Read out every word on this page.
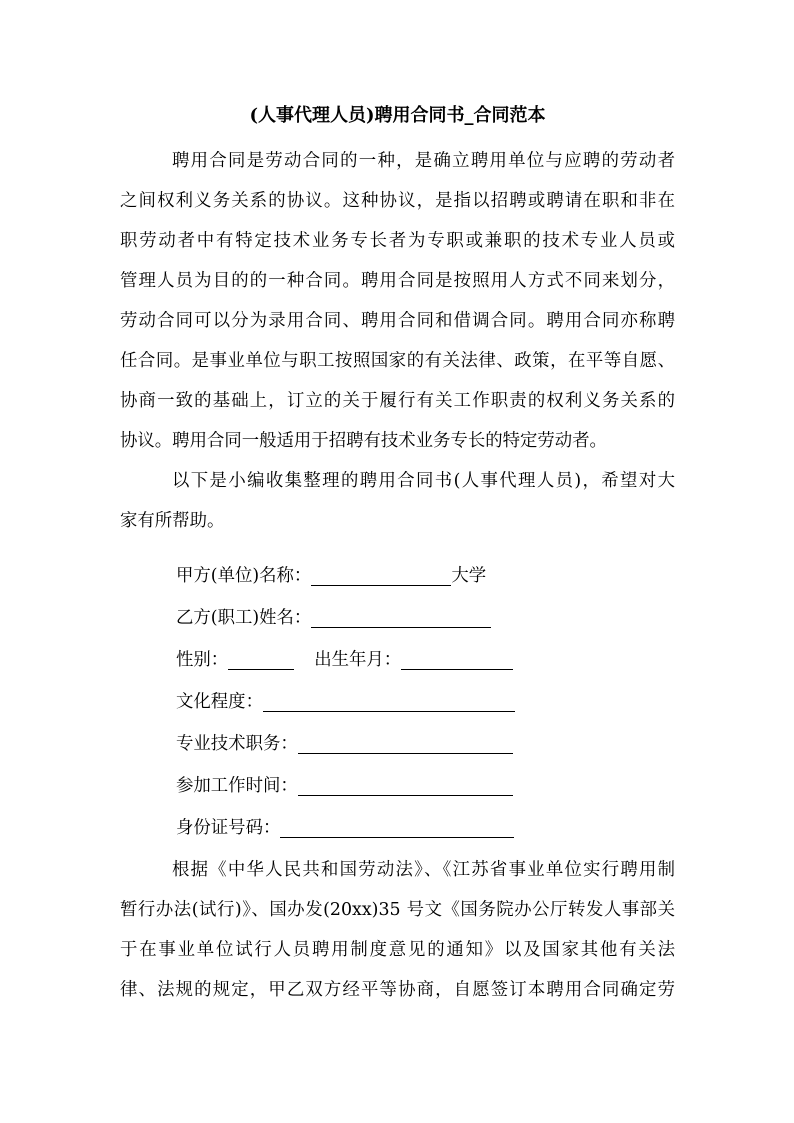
(人事代理人员)聘用合同书_合同范本
聘用合同是劳动合同的一种，是确立聘用单位与应聘的劳动者
之间权利义务关系的协议。这种协议，是指以招聘或聘请在职和非在
职劳动者中有特定技术业务专长者为专职或兼职的技术专业人员或
管理人员为目的的一种合同。聘用合同是按照用人方式不同来划分，
劳动合同可以分为录用合同、聘用合同和借调合同。聘用合同亦称聘
任合同。是事业单位与职工按照国家的有关法律、政策，在平等自愿、
协商一致的基础上，订立的关于履行有关工作职责的权利义务关系的
协议。聘用合同一般适用于招聘有技术业务专长的特定劳动者。
以下是小编收集整理的聘用合同书(人事代理人员)，希望对大
家有所帮助。
甲方(单位)名称：	大学
乙方(职工)姓名：
性别：	出生年月：
文化程度：
专业技术职务：
参加工作时间：
身份证号码：
根据《中华人民共和国劳动法》、《江苏省事业单位实行聘用制
暂行办法(试行)》、国办发(20xx)35 号文《国务院办公厅转发人事部关
于在事业单位试行人员聘用制度意见的通知》以及国家其他有关法
律、法规的规定，甲乙双方经平等协商，自愿签订本聘用合同确定劳
